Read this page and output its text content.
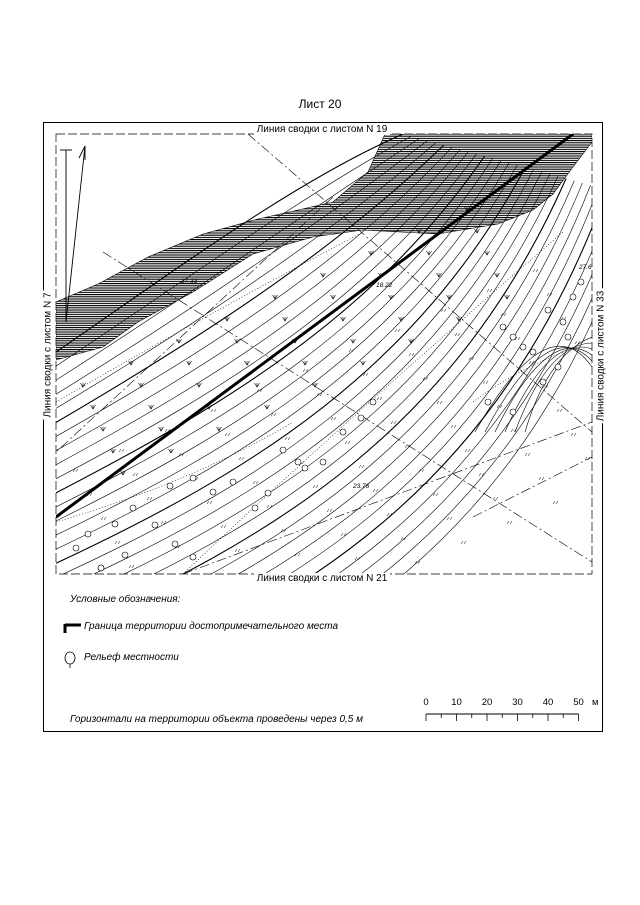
Лист 20
27.33
18.22
23.76
27.6
Линия сводки с листом N 19
Линия сводки с листом N 21
Линия сводки с листом N 7	Линия сводки с листом N 33
Условные обозначения:
Граница территории достопримечательного места
Рельеф местности
Горизонтали на территории объекта проведены через 0,5 м
0 10 20 30 40 50 м
